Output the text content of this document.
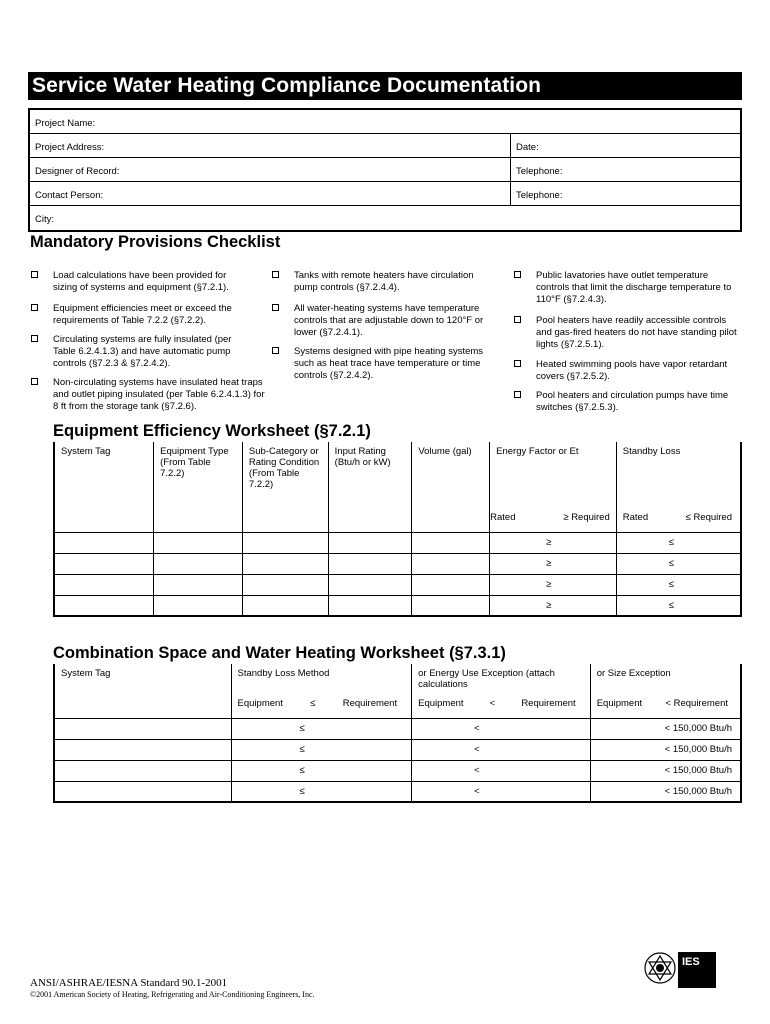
Service Water Heating Compliance Documentation
Project Name:
Project Address:	Date:
Designer of Record:	Telephone:
Contact Person:	Telephone:
City:
Mandatory Provisions Checklist
Load calculations have been provided for sizing of systems and equipment (§7.2.1).
Equipment efficiencies meet or exceed the requirements of Table 7.2.2 (§7.2.2).
Circulating systems are fully insulated (per Table 6.2.4.1.3) and have automatic pump controls (§7.2.3 & §7.2.4.2).
Non-circulating systems have insulated heat traps and outlet piping insulated (per Table 6.2.4.1.3) for 8 ft from the storage tank (§7.2.6).
Tanks with remote heaters have circulation pump controls (§7.2.4.4).
All water-heating systems have temperature controls that are adjustable down to 120°F or lower (§7.2.4.1).
Systems designed with pipe heating systems such as heat trace have temperature or time controls (§7.2.4.2).
Public lavatories have outlet temperature controls that limit the discharge temperature to 110°F (§7.2.4.3).
Pool heaters have readily accessible controls and gas-fired heaters do not have standing pilot lights (§7.2.5.1).
Heated swimming pools have vapor retardant covers (§7.2.5.2).
Pool heaters and circulation pumps have time switches (§7.2.5.3).
Equipment Efficiency Worksheet (§7.2.1)
System Tag	Equipment Type (From Table 7.2.2)	Sub-Category or Rating Condition (From Table 7.2.2)	Input Rating (Btu/h or kW)	Volume (gal)	Energy Factor or Et	Standby Loss

					Rated ≥ Required	Rated ≤ Required

					≥	≤
					≥	≤
					≥	≤
					≥	≤
Combination Space and Water Heating Worksheet (§7.3.1)
System Tag	Standby Loss Method	or Energy Use Exception (attach calculations	or Size Exception

	Equipment ≤ Requirement	Equipment < Requirement	Equipment < Requirement

	≤	<	< 150,000 Btu/h
	≤	<	< 150,000 Btu/h
	≤	<	< 150,000 Btu/h
	≤	<	< 150,000 Btu/h
ANSI/ASHRAE/IESNA Standard 90.1-2001
©2001 American Society of Heating, Refrigerating and Air-Conditioning Engineers, Inc.
IES
